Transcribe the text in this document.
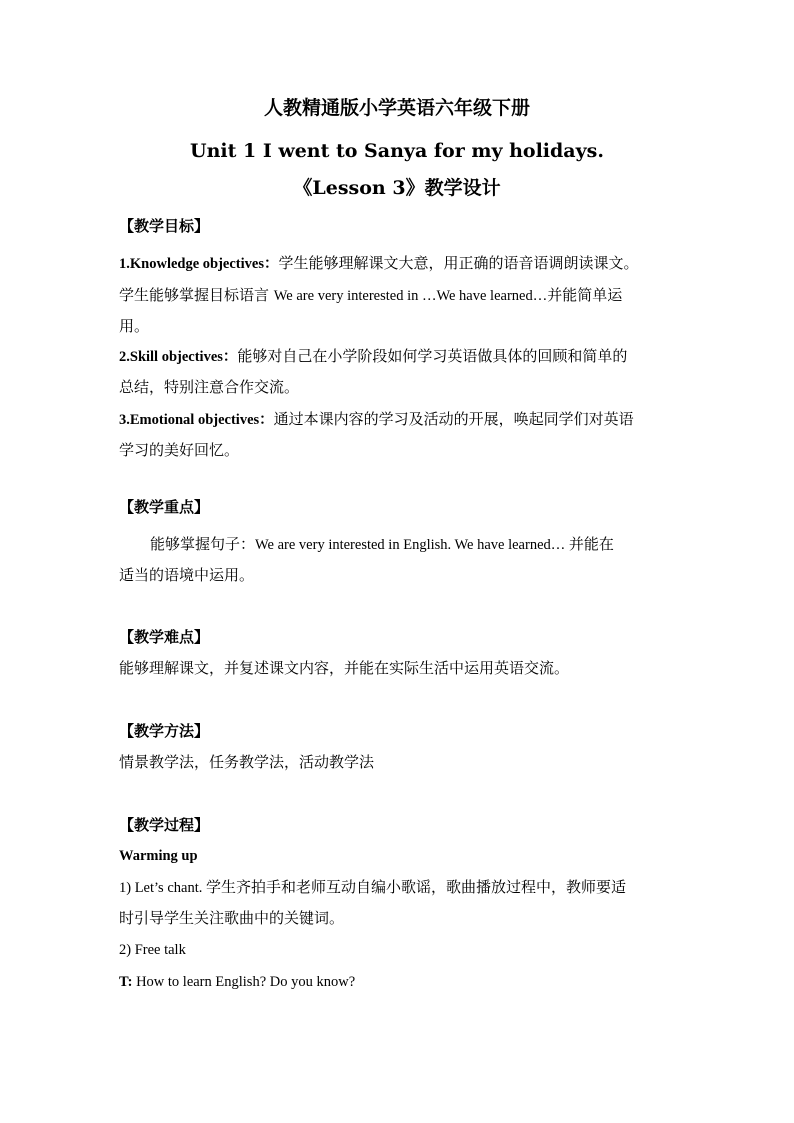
人教精通版小学英语六年级下册
Unit 1 I went to Sanya for my holidays.
《Lesson 3》教学设计
【教学目标】
1.Knowledge objectives：学生能够理解课文大意，用正确的语音语调朗读课文。
学生能够掌握目标语言 We are very interested in …We have learned…并能简单运
用。
2.Skill objectives：能够对自己在小学阶段如何学习英语做具体的回顾和简单的
总结，特别注意合作交流。
3.Emotional objectives：通过本课内容的学习及活动的开展，唤起同学们对英语
学习的美好回忆。
【教学重点】
能够掌握句子：We are very interested in English. We have learned… 并能在
适当的语境中运用。
【教学难点】
能够理解课文，并复述课文内容，并能在实际生活中运用英语交流。
【教学方法】
情景教学法，任务教学法，活动教学法
【教学过程】
Warming up
1) Let’s chant. 学生齐拍手和老师互动自编小歌谣，歌曲播放过程中，教师要适
时引导学生关注歌曲中的关键词。
2) Free talk
T: How to learn English? Do you know?
